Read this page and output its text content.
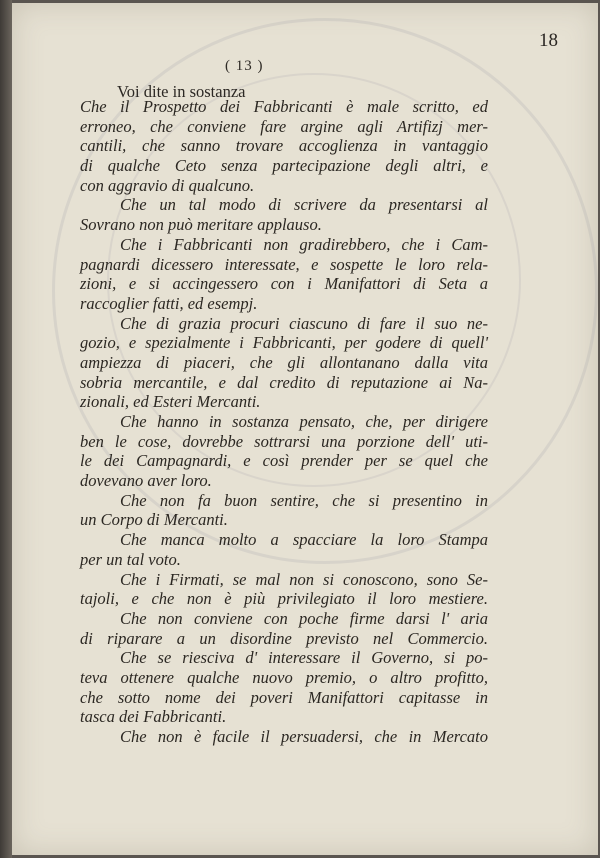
18
( 13 )
Voi dite in sostanza
Che il Prospetto dei Fabbricanti è male scritto, ed
erroneo, che conviene fare argine agli Artifizj mer-
cantili, che sanno trovare accoglienza in vantaggio
di qualche Ceto senza partecipazione degli altri, e
con aggravio di qualcuno.
Che un tal modo di scrivere da presentarsi al
Sovrano non può meritare applauso.
Che i Fabbricanti non gradirebbero, che i Cam-
pagnardi dicessero interessate, e sospette le loro rela-
zioni, e si accingessero con i Manifattori di Seta a
raccoglier fatti, ed esempj.
Che di grazia procuri ciascuno di fare il suo ne-
gozio, e spezialmente i Fabbricanti, per godere di quell'
ampiezza di piaceri, che gli allontanano dalla vita
sobria mercantile, e dal credito di reputazione ai Na-
zionali, ed Esteri Mercanti.
Che hanno in sostanza pensato, che, per dirigere
ben le cose, dovrebbe sottrarsi una porzione dell' uti-
le dei Campagnardi, e così prender per se quel che
dovevano aver loro.
Che non fa buon sentire, che si presentino in
un Corpo di Mercanti.
Che manca molto a spacciare la loro Stampa
per un tal voto.
Che i Firmati, se mal non si conoscono, sono Se-
tajoli, e che non è più privilegiato il loro mestiere.
Che non conviene con poche firme darsi l' aria
di riparare a un disordine previsto nel Commercio.
Che se riesciva d' interessare il Governo, si po-
teva ottenere qualche nuovo premio, o altro profitto,
che sotto nome dei poveri Manifattori capitasse in
tasca dei Fabbricanti.
Che non è facile il persuadersi, che in Mercato
